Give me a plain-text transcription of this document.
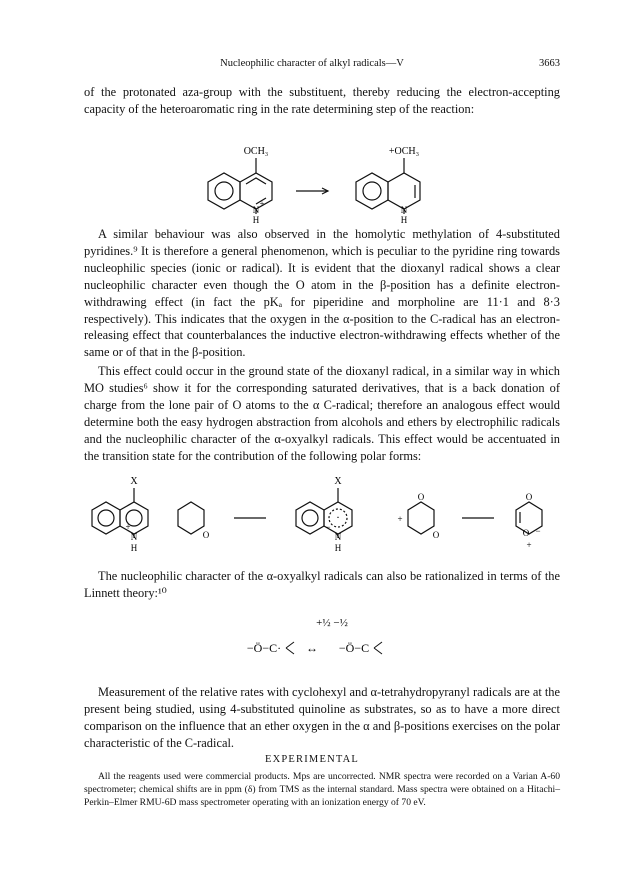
Nucleophilic character of alkyl radicals—V	3663

of the protonated aza-group with the substituent, thereby reducing the electron-accepting capacity of the heteroaromatic ring in the rate determining step of the reaction:

OCH₃	+OCH₃
+
N
H
N
H

A similar behaviour was also observed in the homolytic methylation of 4-substituted pyridines.⁹ It is therefore a general phenomenon, which is peculiar to the pyridine ring towards nucleophilic species (ionic or radical). It is evident that the dioxanyl radical shows a clear nucleophilic character even though the O atom in the β-position has a definite electron-withdrawing effect (in fact the pKₐ for piperidine and morpholine are 11·1 and 8·3 respectively). This indicates that the oxygen in the α-position to the C-radical has an electron-releasing effect that counterbalances the inductive electron-withdrawing effects whether of the same or of that in the β-position.

This effect could occur in the ground state of the dioxanyl radical, in a similar way in which MO studies⁶ show it for the corresponding saturated derivatives, that is a back donation of charge from the lone pair of O atoms to the α C-radical; therefore an analogous effect would determine both the easy hydrogen abstraction from alcohols and ethers by electrophilic radicals and the nucleophilic character of the α-oxyalkyl radicals. This effect would be accentuated in the transition state for the contribution of the following polar forms:

X	X
+
N
H
O
·
−
N
H
+
O
O
O
O −
+

The nucleophilic character of the α-oxyalkyl radicals can also be rationalized in terms of the Linnett theory:¹⁰

+½ −½
−Ö−C· ↔ −Ö−C

Measurement of the relative rates with cyclohexyl and α-tetrahydropyranyl radicals are at the present being studied, using 4-substituted quinoline as substrates, so as to have a more direct comparison on the influence that an ether oxygen in the α and β-positions exercises on the polar characteristic of the C-radical.

EXPERIMENTAL

All the reagents used were commercial products. Mps are uncorrected. NMR spectra were recorded on a Varian A-60 spectrometer; chemical shifts are in ppm (δ) from TMS as the internal standard. Mass spectra were obtained on a Hitachi–Perkin–Elmer RMU-6D mass spectrometer operating with an ionization energy of 70 eV.
